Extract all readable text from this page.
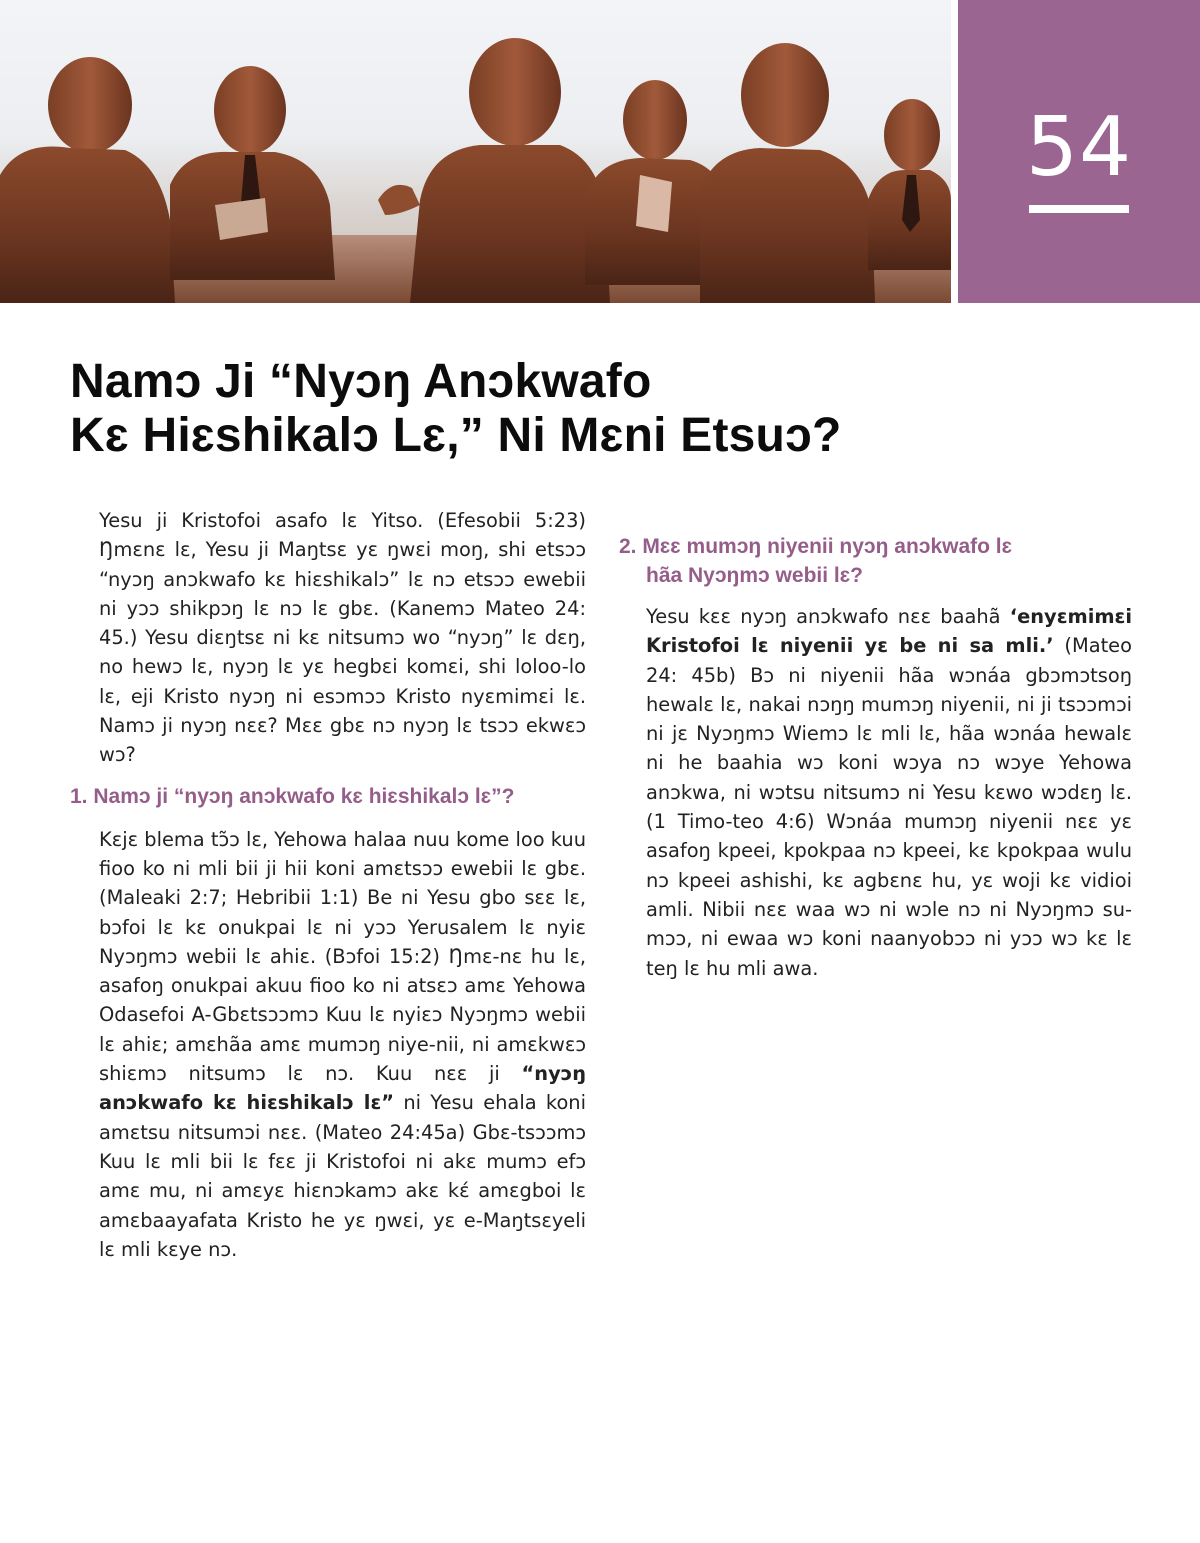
54
Namɔ Ji “Nyɔŋ Anɔkwafo
Kɛ Hiɛshikalɔ Lɛ,” Ni Mɛni Etsuɔ?

Yesu ji Kristofoi asafo lɛ Yitso. (Efesobii 5:23) Ŋmɛnɛ lɛ, Yesu ji Maŋtsɛ yɛ ŋwɛi moŋ, shi etsɔɔ “nyɔŋ anɔkwafo kɛ hiɛshikalɔ” lɛ nɔ etsɔɔ ewebii ni yɔɔ shikpɔŋ lɛ nɔ lɛ gbɛ. (Kanemɔ Mateo 24: 45.) Yesu diɛŋtsɛ ni kɛ nitsumɔ wo “nyɔŋ” lɛ dɛŋ, no hewɔ lɛ, nyɔŋ lɛ yɛ hegbɛi komɛi, shi loloo-lo lɛ, eji Kristo nyɔŋ ni esɔmɔɔ Kristo nyɛmimɛi lɛ. Namɔ ji nyɔŋ nɛɛ? Mɛɛ gbɛ nɔ nyɔŋ lɛ tsɔɔ ekwɛɔ wɔ?

1. Namɔ ji “nyɔŋ anɔkwafo kɛ hiɛshikalɔ lɛ”?

Kɛjɛ blema tɔ̃ɔ lɛ, Yehowa halaa nuu kome loo kuu fioo ko ni mli bii ji hii koni amɛtsɔɔ ewebii lɛ gbɛ. (Maleaki 2:7; Hebribii 1:1) Be ni Yesu gbo sɛɛ lɛ, bɔfoi lɛ kɛ onukpai lɛ ni yɔɔ Yerusalem lɛ nyiɛ Nyɔŋmɔ webii lɛ ahiɛ. (Bɔfoi 15:2) Ŋmɛ-nɛ hu lɛ, asafoŋ onukpai akuu fioo ko ni atsɛɔ amɛ Yehowa Odasefoi A-Gbɛtsɔɔmɔ Kuu lɛ nyiɛɔ Nyɔŋmɔ webii lɛ ahiɛ; amɛhãa amɛ mumɔŋ niye-nii, ni amɛkwɛɔ shiɛmɔ nitsumɔ lɛ nɔ. Kuu nɛɛ ji “nyɔŋ anɔkwafo kɛ hiɛshikalɔ lɛ” ni Yesu ehala koni amɛtsu nitsumɔi nɛɛ. (Mateo 24:45a) Gbɛ-tsɔɔmɔ Kuu lɛ mli bii lɛ fɛɛ ji Kristofoi ni akɛ mumɔ efɔ amɛ mu, ni amɛyɛ hiɛnɔkamɔ akɛ kɛ́ amɛgboi lɛ amɛbaayafata Kristo he yɛ ŋwɛi, yɛ e-Maŋtsɛyeli lɛ mli kɛye nɔ.

2. Mɛɛ mumɔŋ niyenii nyɔŋ anɔkwafo lɛ
hãa Nyɔŋmɔ webii lɛ?

Yesu kɛɛ nyɔŋ anɔkwafo nɛɛ baahã ‘enyɛmimɛi Kristofoi lɛ niyenii yɛ be ni sa mli.’ (Mateo 24: 45b) Bɔ ni niyenii hãa wɔnáa gbɔmɔtsoŋ hewalɛ lɛ, nakai nɔŋŋ mumɔŋ niyenii, ni ji tsɔɔmɔi ni jɛ Nyɔŋmɔ Wiemɔ lɛ mli lɛ, hãa wɔnáa hewalɛ ni he baahia wɔ koni wɔya nɔ wɔye Yehowa anɔkwa, ni wɔtsu nitsumɔ ni Yesu kɛwo wɔdɛŋ lɛ. (1 Timo-teo 4:6) Wɔnáa mumɔŋ niyenii nɛɛ yɛ asafoŋ kpeei, kpokpaa nɔ kpeei, kɛ kpokpaa wulu nɔ kpeei ashishi, kɛ agbɛnɛ hu, yɛ woji kɛ vidioi amli. Nibii nɛɛ waa wɔ ni wɔle nɔ ni Nyɔŋmɔ su-mɔɔ, ni ewaa wɔ koni naanyobɔɔ ni yɔɔ wɔ kɛ lɛ teŋ lɛ hu mli awa.
